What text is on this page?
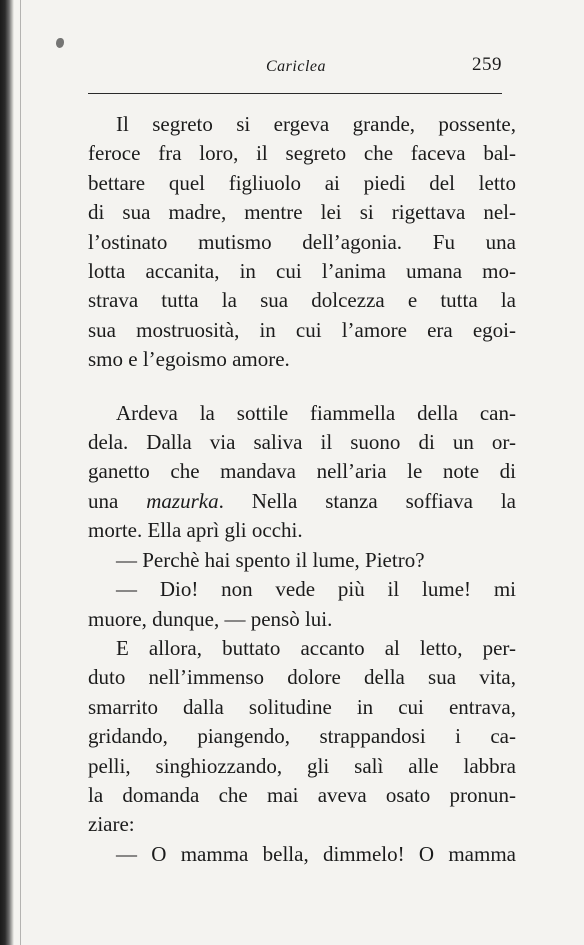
Cariclea	259
Il segreto si ergeva grande, possente,
feroce fra loro, il segreto che faceva bal-
bettare quel figliuolo ai piedi del letto
di sua madre, mentre lei si rigettava nel-
l’ostinato mutismo dell’agonia. Fu una
lotta accanita, in cui l’anima umana mo-
strava tutta la sua dolcezza e tutta la
sua mostruosità, in cui l’amore era egoi-
smo e l’egoismo amore.
Ardeva la sottile fiammella della can-
dela. Dalla via saliva il suono di un or-
ganetto che mandava nell’aria le note di
una mazurka. Nella stanza soffiava la
morte. Ella aprì gli occhi.
— Perchè hai spento il lume, Pietro?
— Dio! non vede più il lume! mi
muore, dunque, — pensò lui.
E allora, buttato accanto al letto, per-
duto nell’immenso dolore della sua vita,
smarrito dalla solitudine in cui entrava,
gridando, piangendo, strappandosi i ca-
pelli, singhiozzando, gli salì alle labbra
la domanda che mai aveva osato pronun-
ziare:
— O mamma bella, dimmelo! O mamma
